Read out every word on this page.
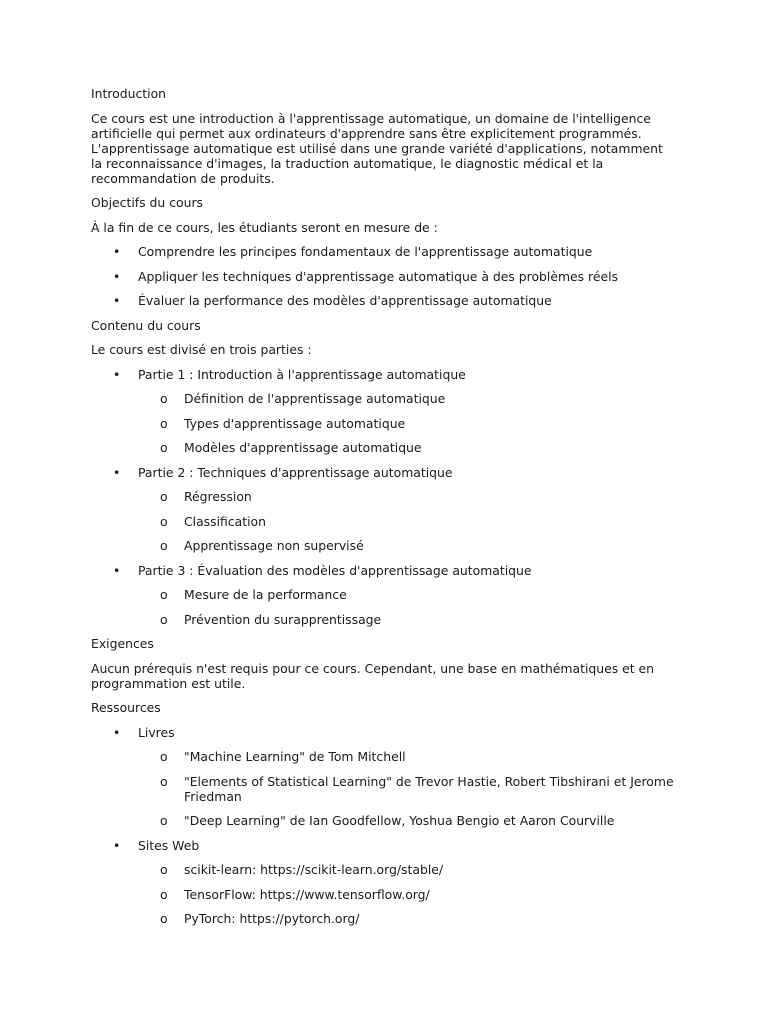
Introduction
Ce cours est une introduction à l'apprentissage automatique, un domaine de l'intelligence artificielle qui permet aux ordinateurs d'apprendre sans être explicitement programmés. L'apprentissage automatique est utilisé dans une grande variété d'applications, notamment la reconnaissance d'images, la traduction automatique, le diagnostic médical et la recommandation de produits.
Objectifs du cours
À la fin de ce cours, les étudiants seront en mesure de :
• Comprendre les principes fondamentaux de l'apprentissage automatique
• Appliquer les techniques d'apprentissage automatique à des problèmes réels
• Évaluer la performance des modèles d'apprentissage automatique
Contenu du cours
Le cours est divisé en trois parties :
• Partie 1 : Introduction à l'apprentissage automatique
o Définition de l'apprentissage automatique
o Types d'apprentissage automatique
o Modèles d'apprentissage automatique
• Partie 2 : Techniques d'apprentissage automatique
o Régression
o Classification
o Apprentissage non supervisé
• Partie 3 : Évaluation des modèles d'apprentissage automatique
o Mesure de la performance
o Prévention du surapprentissage
Exigences
Aucun prérequis n'est requis pour ce cours. Cependant, une base en mathématiques et en programmation est utile.
Ressources
• Livres
o "Machine Learning" de Tom Mitchell
o "Elements of Statistical Learning" de Trevor Hastie, Robert Tibshirani et Jerome Friedman
o "Deep Learning" de Ian Goodfellow, Yoshua Bengio et Aaron Courville
• Sites Web
o scikit-learn: https://scikit-learn.org/stable/
o TensorFlow: https://www.tensorflow.org/
o PyTorch: https://pytorch.org/
